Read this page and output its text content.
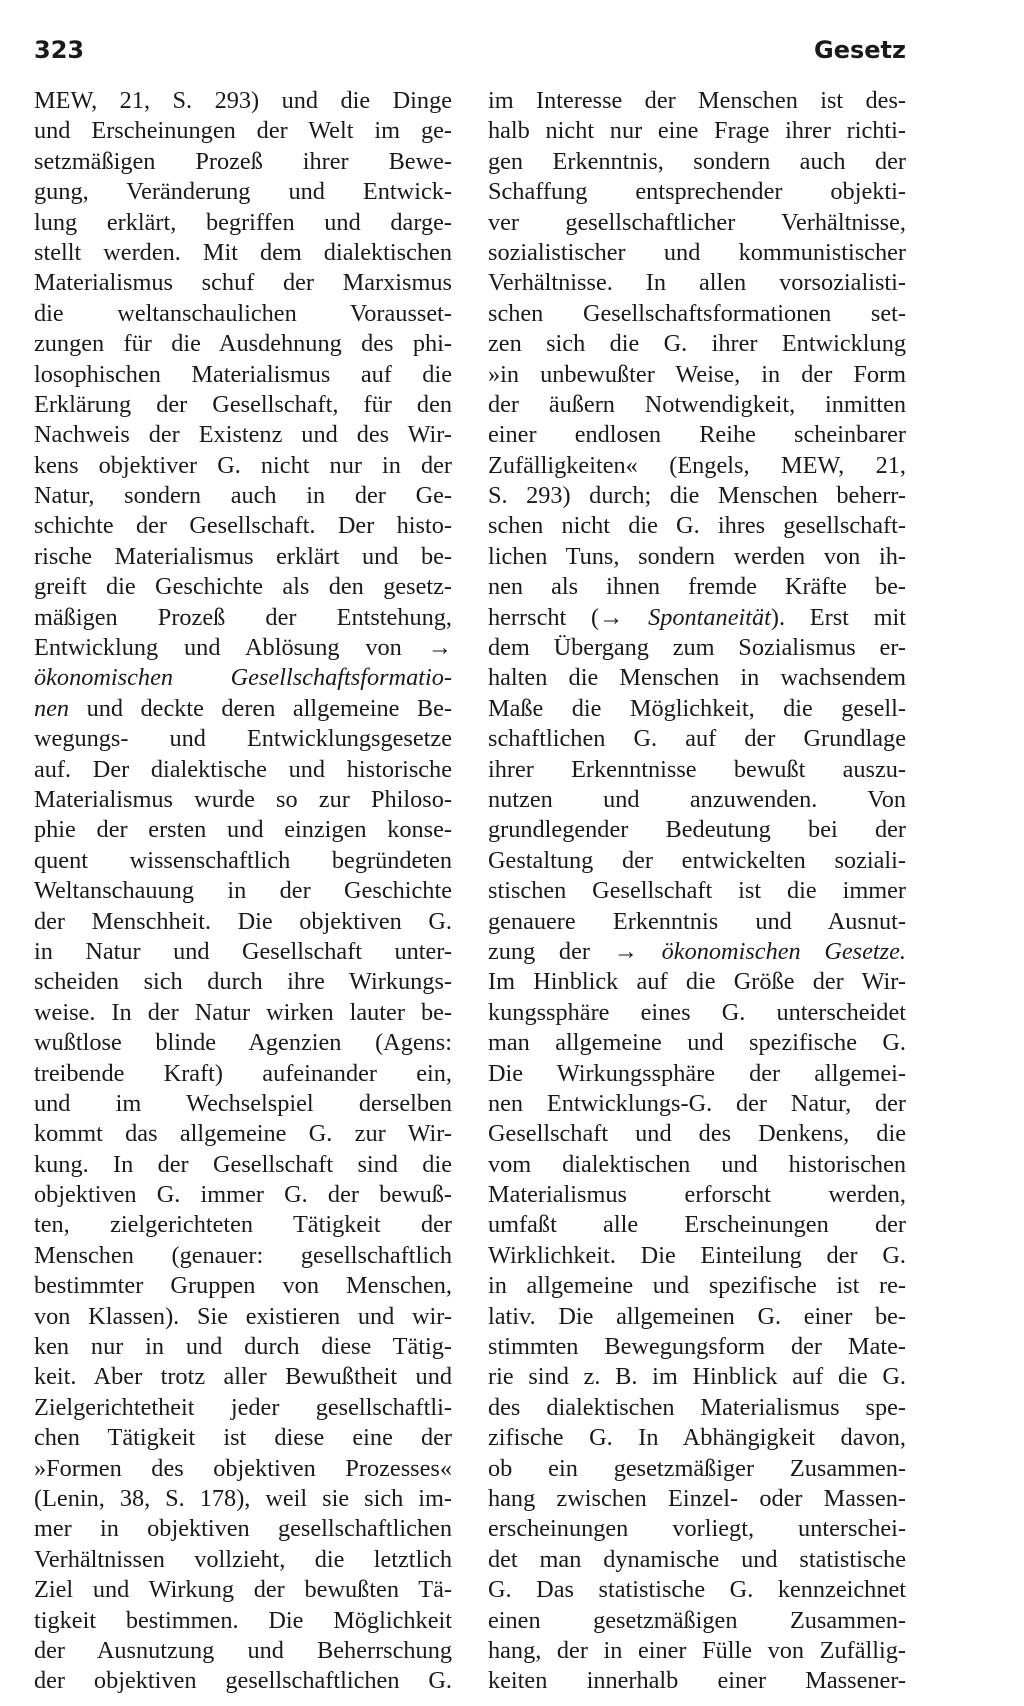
323	Gesetz
MEW, 21, S. 293) und die Dinge
und Erscheinungen der Welt im ge-
setzmäßigen Prozeß ihrer Bewe-
gung, Veränderung und Entwick-
lung erklärt, begriffen und darge-
stellt werden. Mit dem dialektischen
Materialismus schuf der Marxismus
die weltanschaulichen Vorausset-
zungen für die Ausdehnung des phi-
losophischen Materialismus auf die
Erklärung der Gesellschaft, für den
Nachweis der Existenz und des Wir-
kens objektiver G. nicht nur in der
Natur, sondern auch in der Ge-
schichte der Gesellschaft. Der histo-
rische Materialismus erklärt und be-
greift die Geschichte als den gesetz-
mäßigen Prozeß der Entstehung,
Entwicklung und Ablösung von →
ökonomischen Gesellschaftsformatio-
nen und deckte deren allgemeine Be-
wegungs- und Entwicklungsgesetze
auf. Der dialektische und historische
Materialismus wurde so zur Philoso-
phie der ersten und einzigen konse-
quent wissenschaftlich begründeten
Weltanschauung in der Geschichte
der Menschheit. Die objektiven G.
in Natur und Gesellschaft unter-
scheiden sich durch ihre Wirkungs-
weise. In der Natur wirken lauter be-
wußtlose blinde Agenzien (Agens:
treibende Kraft) aufeinander ein,
und im Wechselspiel derselben
kommt das allgemeine G. zur Wir-
kung. In der Gesellschaft sind die
objektiven G. immer G. der bewuß-
ten, zielgerichteten Tätigkeit der
Menschen (genauer: gesellschaftlich
bestimmter Gruppen von Menschen,
von Klassen). Sie existieren und wir-
ken nur in und durch diese Tätig-
keit. Aber trotz aller Bewußtheit und
Zielgerichtetheit jeder gesellschaftli-
chen Tätigkeit ist diese eine der
»Formen des objektiven Prozesses«
(Lenin, 38, S. 178), weil sie sich im-
mer in objektiven gesellschaftlichen
Verhältnissen vollzieht, die letztlich
Ziel und Wirkung der bewußten Tä-
tigkeit bestimmen. Die Möglichkeit
der Ausnutzung und Beherrschung
der objektiven gesellschaftlichen G.
im Interesse der Menschen ist des-
halb nicht nur eine Frage ihrer richti-
gen Erkenntnis, sondern auch der
Schaffung entsprechender objekti-
ver gesellschaftlicher Verhältnisse,
sozialistischer und kommunistischer
Verhältnisse. In allen vorsozialisti-
schen Gesellschaftsformationen set-
zen sich die G. ihrer Entwicklung
»in unbewußter Weise, in der Form
der äußern Notwendigkeit, inmitten
einer endlosen Reihe scheinbarer
Zufälligkeiten« (Engels, MEW, 21,
S. 293) durch; die Menschen beherr-
schen nicht die G. ihres gesellschaft-
lichen Tuns, sondern werden von ih-
nen als ihnen fremde Kräfte be-
herrscht (→ Spontaneität). Erst mit
dem Übergang zum Sozialismus er-
halten die Menschen in wachsendem
Maße die Möglichkeit, die gesell-
schaftlichen G. auf der Grundlage
ihrer Erkenntnisse bewußt auszu-
nutzen und anzuwenden. Von
grundlegender Bedeutung bei der
Gestaltung der entwickelten soziali-
stischen Gesellschaft ist die immer
genauere Erkenntnis und Ausnut-
zung der → ökonomischen Gesetze.
Im Hinblick auf die Größe der Wir-
kungssphäre eines G. unterscheidet
man allgemeine und spezifische G.
Die Wirkungssphäre der allgemei-
nen Entwicklungs-G. der Natur, der
Gesellschaft und des Denkens, die
vom dialektischen und historischen
Materialismus erforscht werden,
umfaßt alle Erscheinungen der
Wirklichkeit. Die Einteilung der G.
in allgemeine und spezifische ist re-
lativ. Die allgemeinen G. einer be-
stimmten Bewegungsform der Mate-
rie sind z. B. im Hinblick auf die G.
des dialektischen Materialismus spe-
zifische G. In Abhängigkeit davon,
ob ein gesetzmäßiger Zusammen-
hang zwischen Einzel- oder Massen-
erscheinungen vorliegt, unterschei-
det man dynamische und statistische
G. Das statistische G. kennzeichnet
einen gesetzmäßigen Zusammen-
hang, der in einer Fülle von Zufällig-
keiten innerhalb einer Massener-
